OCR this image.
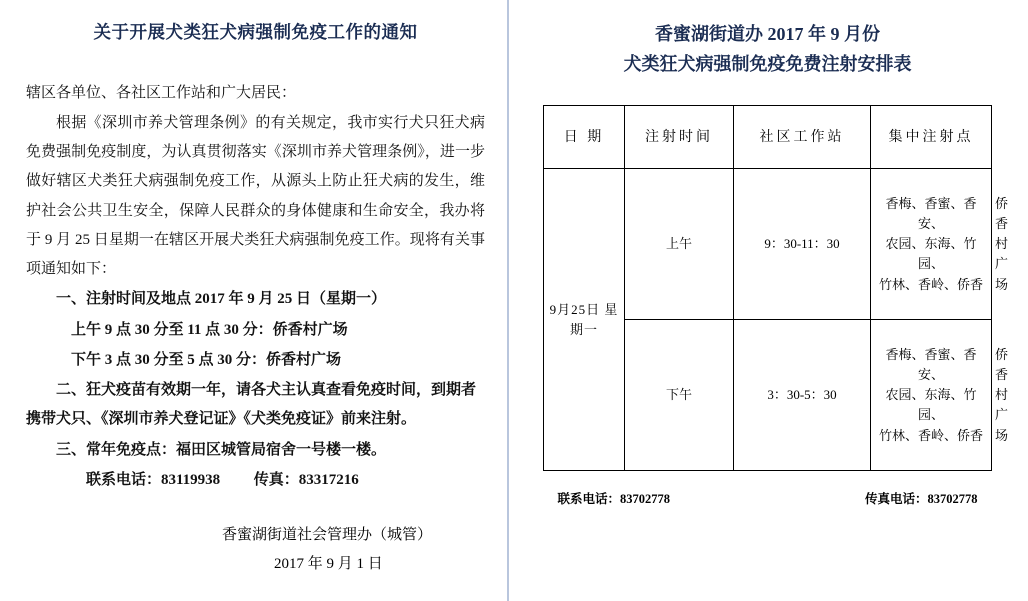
关于开展犬类狂犬病强制免疫工作的通知

辖区各单位、各社区工作站和广大居民：

根据《深圳市养犬管理条例》的有关规定，我市实行犬只狂犬病免费强制免疫制度，为认真贯彻落实《深圳市养犬管理条例》，进一步做好辖区犬类狂犬病强制免疫工作，从源头上防止狂犬病的发生，维护社会公共卫生安全，保障人民群众的身体健康和生命安全，我办将于 9 月 25 日星期一在辖区开展犬类狂犬病强制免疫工作。现将有关事项通知如下：

一、注射时间及地点 2017 年 9 月 25 日（星期一）

上午 9 点 30 分至 11 点 30 分：侨香村广场

下午 3 点 30 分至 5 点 30 分：侨香村广场

二、狂犬疫苗有效期一年，请各犬主认真查看免疫时间，到期者携带犬只、《深圳市养犬登记证》《犬类免疫证》前来注射。

三、常年免疫点：福田区城管局宿舍一号楼一楼。

联系电话：83119938 传真：83317216

香蜜湖街道社会管理办（城管）
2017 年 9 月 1 日
香蜜湖街道办 2017 年 9 月份
犬类狂犬病强制免疫免费注射安排表
日 期	注射时间	社区工作站	集中注射点	

9月25日 星期一	上午	9：30-11：30	香梅、香蜜、香安、
农园、东海、竹园、
竹林、香岭、侨香	侨香村广场
	下午	3：30-5：30	香梅、香蜜、香安、
农园、东海、竹园、
竹林、香岭、侨香	侨香村广场
联系电话：83702778	传真电话：83702778
